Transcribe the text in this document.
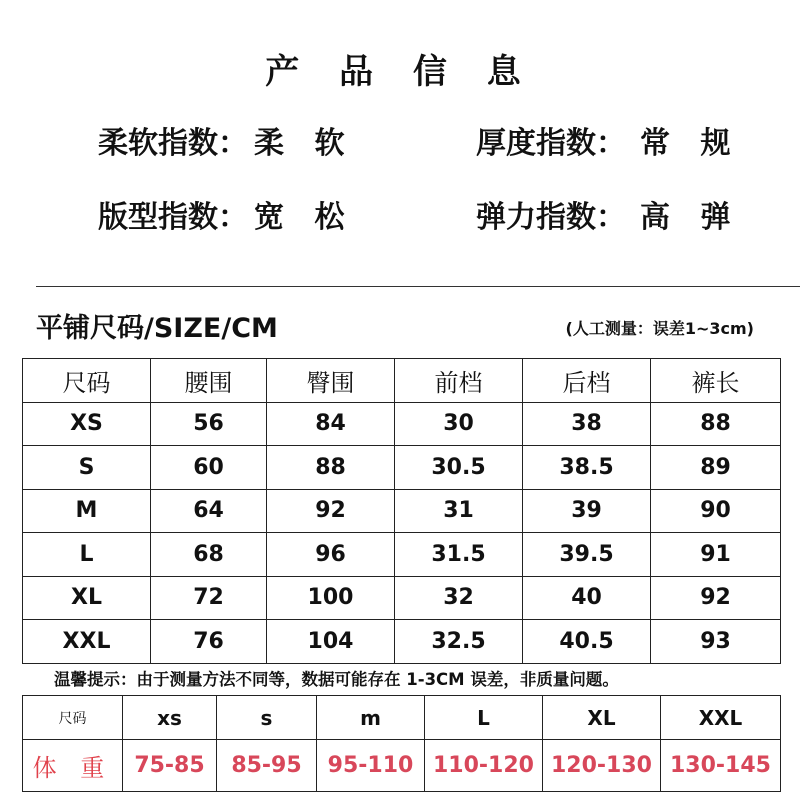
产 品 信 息
柔软指数： 柔 软	厚度指数： 常 规
版型指数： 宽 松	弹力指数： 高 弹
平铺尺码/SIZE/CM	(人工测量：误差1~3cm)
尺码	腰围	臀围	前档	后档	裤长
XS	56	84	30	38	88
S	60	88	30.5	38.5	89
M	64	92	31	39	90
L	68	96	31.5	39.5	91
XL	72	100	32	40	92
XXL	76	104	32.5	40.5	93
温馨提示：由于测量方法不同等，数据可能存在 1-3CM 误差，非质量问题。
尺码	xs	s	m	L	XL	XXL
体 重	75-85	85-95	95-110	110-120	120-130	130-145
